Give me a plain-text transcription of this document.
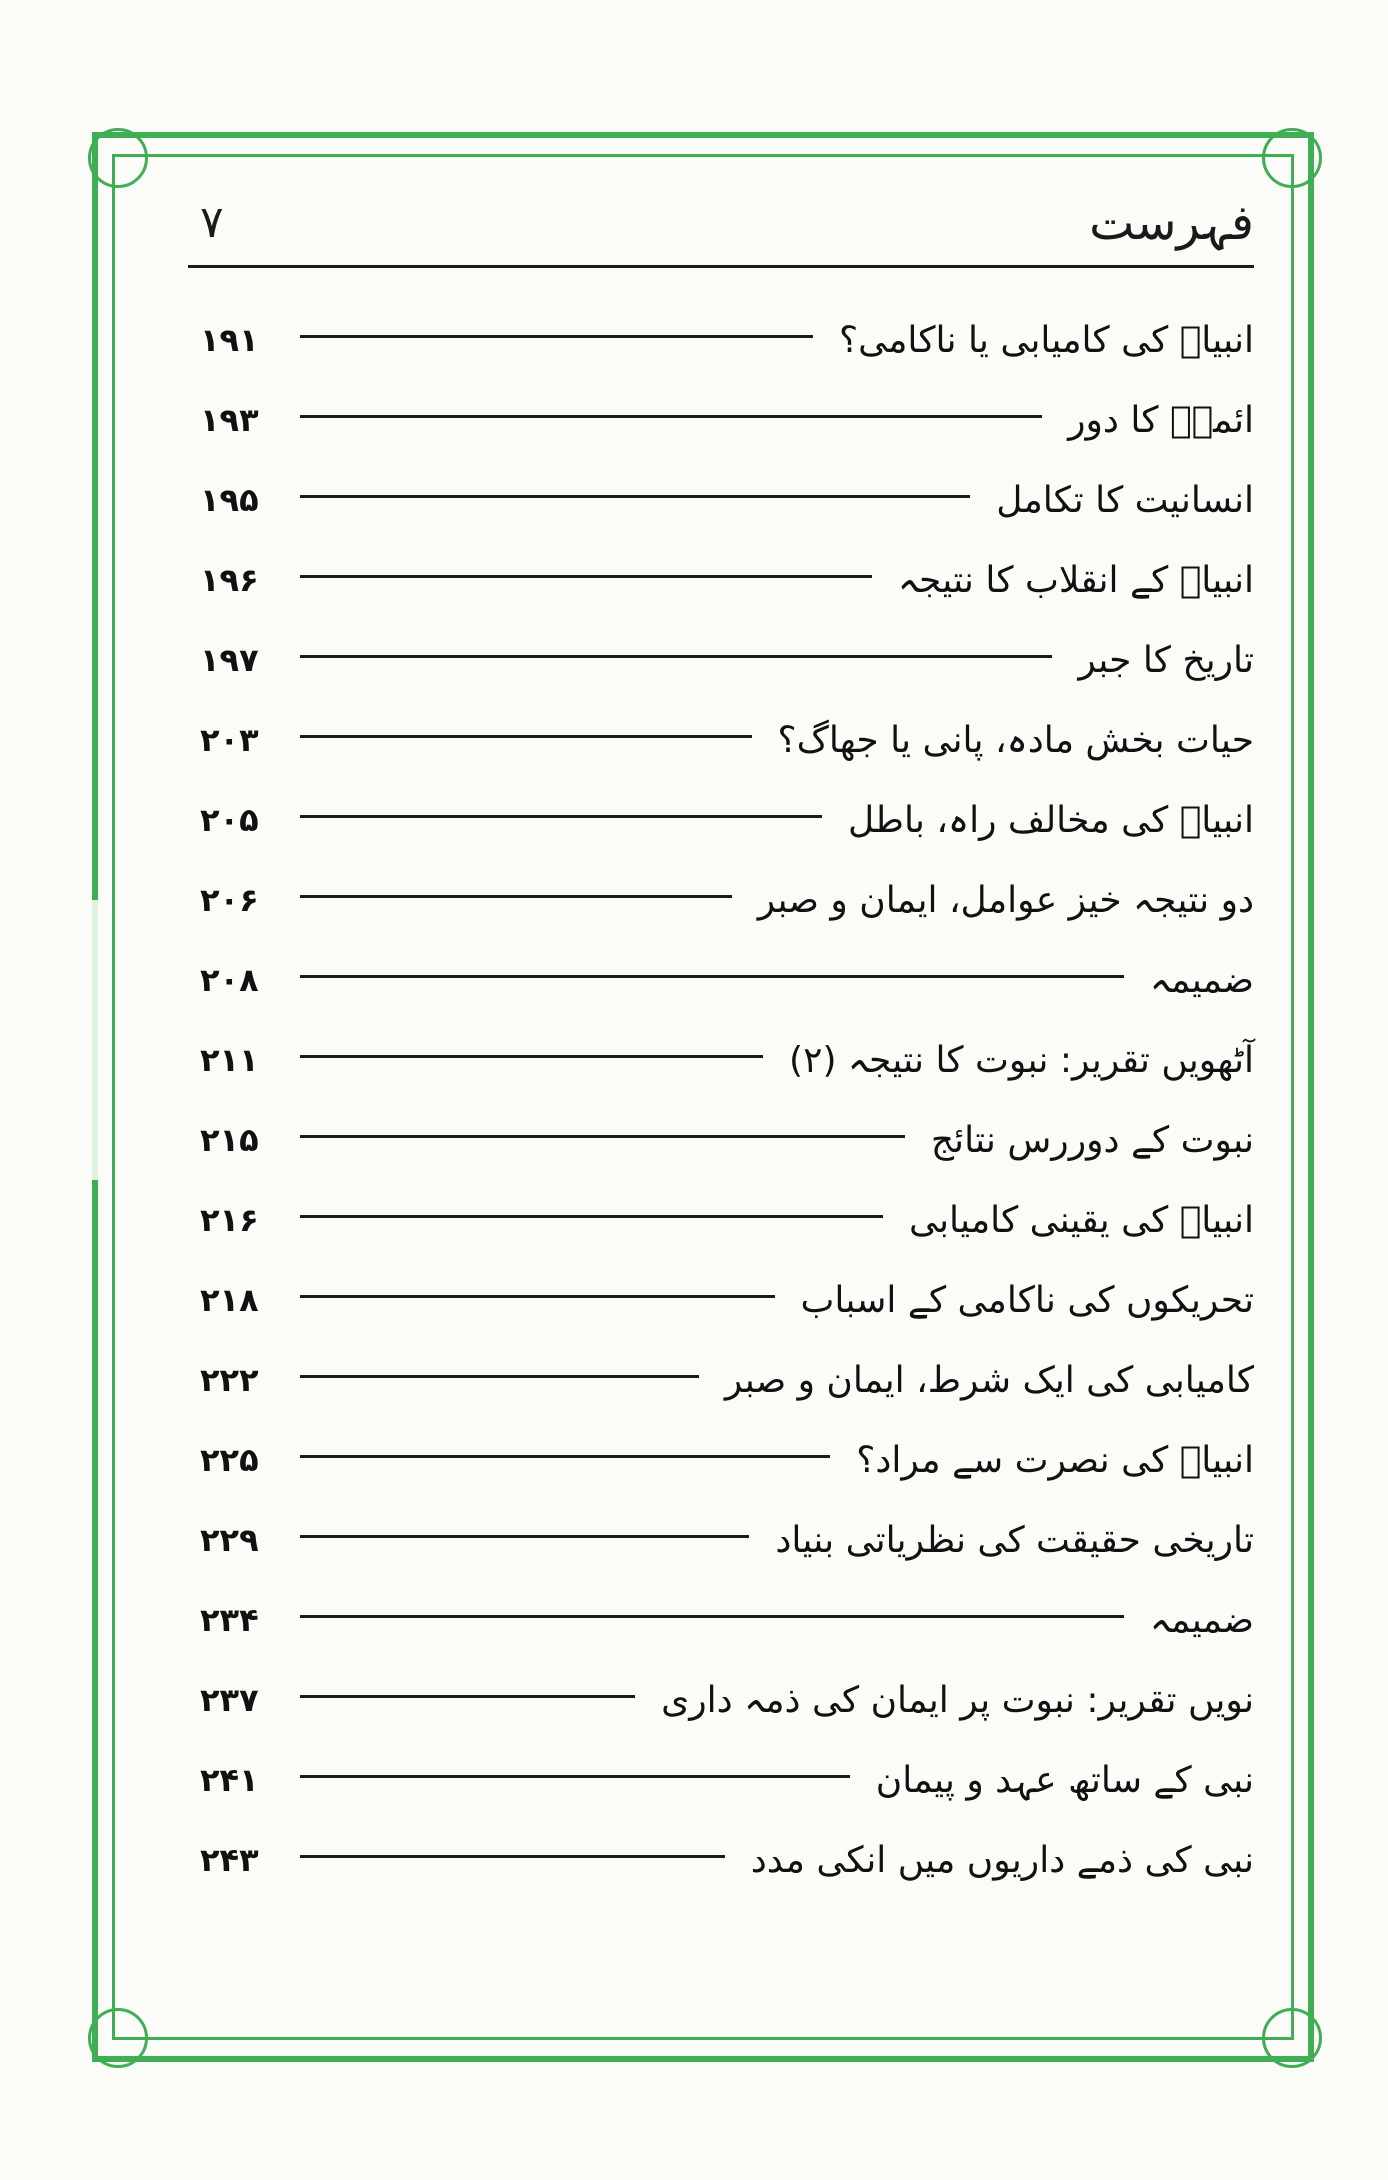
فہرست
۷
انبیاؑ کی کامیابی یا ناکامی؟
۱۹۱
ائمہؑ کا دور
۱۹۳
انسانیت کا تکامل
۱۹۵
انبیاؑ کے انقلاب کا نتیجہ
۱۹۶
تاریخ کا جبر
۱۹۷
حیات بخش مادہ، پانی یا جھاگ؟
۲۰۳
انبیاؑ کی مخالف راہ، باطل
۲۰۵
دو نتیجہ خیز عوامل، ایمان و صبر
۲۰۶
ضمیمہ
۲۰۸
آٹھویں تقریر: نبوت کا نتیجہ (۲)
۲۱۱
نبوت کے دوررس نتائج
۲۱۵
انبیاؑ کی یقینی کامیابی
۲۱۶
تحریکوں کی ناکامی کے اسباب
۲۱۸
کامیابی کی ایک شرط، ایمان و صبر
۲۲۲
انبیاؑ کی نصرت سے مراد؟
۲۲۵
تاریخی حقیقت کی نظریاتی بنیاد
۲۲۹
ضمیمہ
۲۳۴
نویں تقریر: نبوت پر ایمان کی ذمہ داری
۲۳۷
نبی کے ساتھ عہد و پیمان
۲۴۱
نبی کی ذمے داریوں میں انکی مدد
۲۴۳
